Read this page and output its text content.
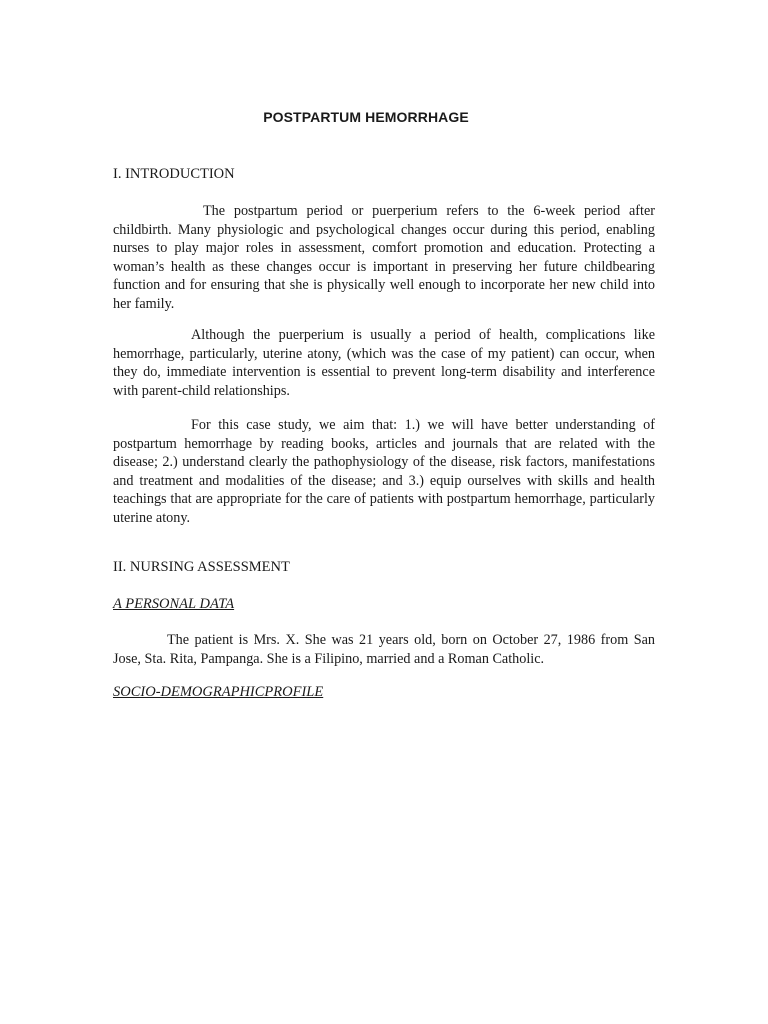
POSTPARTUM HEMORRHAGE
I. INTRODUCTION

The postpartum period or puerperium refers to the 6-week period after childbirth. Many physiologic and psychological changes occur during this period, enabling nurses to play major roles in assessment, comfort promotion and education. Protecting a woman’s health as these changes occur is important in preserving her future childbearing function and for ensuring that she is physically well enough to incorporate her new child into her family.

Although the puerperium is usually a period of health, complications like hemorrhage, particularly, uterine atony, (which was the case of my patient) can occur, when they do, immediate intervention is essential to prevent long-term disability and interference with parent-child relationships.

For this case study, we aim that: 1.) we will have better understanding of postpartum hemorrhage by reading books, articles and journals that are related with the disease; 2.) understand clearly the pathophysiology of the disease, risk factors, manifestations and treatment and modalities of the disease; and 3.) equip ourselves with skills and health teachings that are appropriate for the care of patients with postpartum hemorrhage, particularly uterine atony.

II. NURSING ASSESSMENT
A PERSONAL DATA

The patient is Mrs. X. She was 21 years old, born on October 27, 1986 from San Jose, Sta. Rita, Pampanga. She is a Filipino, married and a Roman Catholic.

SOCIO-DEMOGRAPHICPROFILE
